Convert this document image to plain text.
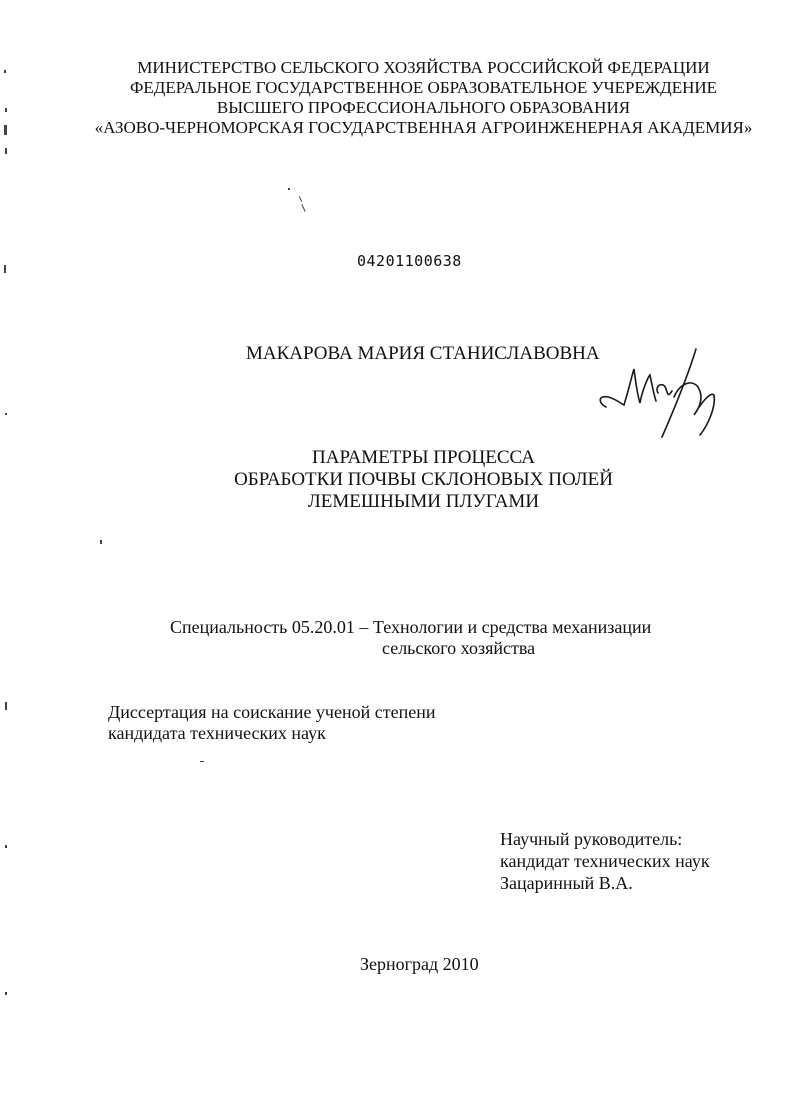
МИНИСТЕРСТВО СЕЛЬСКОГО ХОЗЯЙСТВА РОССИЙСКОЙ ФЕДЕРАЦИИ
ФЕДЕРАЛЬНОЕ ГОСУДАРСТВЕННОЕ ОБРАЗОВАТЕЛЬНОЕ УЧЕРЕЖДЕНИЕ
ВЫСШЕГО ПРОФЕССИОНАЛЬНОГО ОБРАЗОВАНИЯ
«АЗОВО-ЧЕРНОМОРСКАЯ ГОСУДАРСТВЕННАЯ АГРОИНЖЕНЕРНАЯ АКАДЕМИЯ»
04201100638
МАКАРОВА МАРИЯ СТАНИСЛАВОВНА
ПАРАМЕТРЫ ПРОЦЕССА
ОБРАБОТКИ ПОЧВЫ СКЛОНОВЫХ ПОЛЕЙ
ЛЕМЕШНЫМИ ПЛУГАМИ
Специальность 05.20.01 – Технологии и средства механизации
сельского хозяйства
Диссертация на соискание ученой степени
кандидата технических наук
Научный руководитель:
кандидат технических наук
Зацаринный В.А.
Зерноград 2010
